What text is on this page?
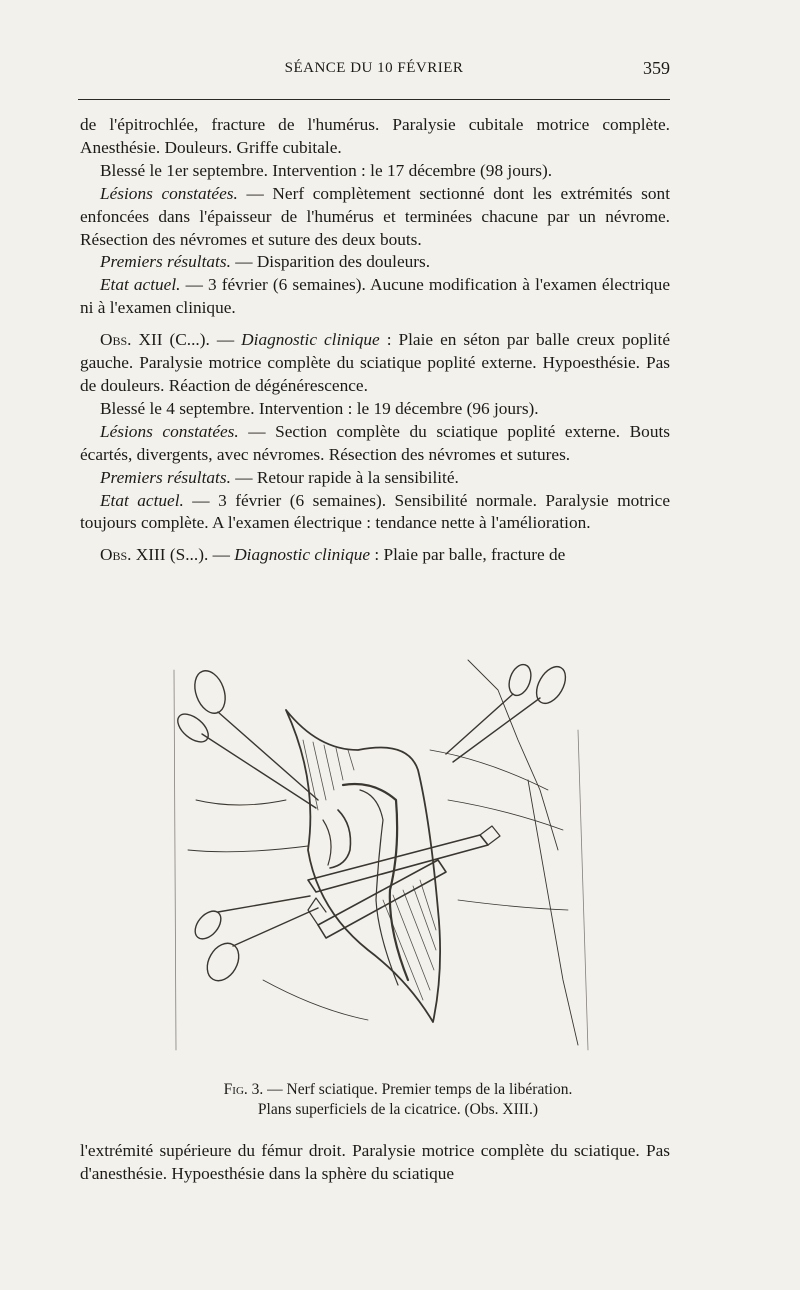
SÉANCE DU 10 FÉVRIER	359

de l'épitrochlée, fracture de l'humérus. Paralysie cubitale motrice complète. Anesthésie. Douleurs. Griffe cubitale.

Blessé le 1er septembre. Intervention : le 17 décembre (98 jours).

Lésions constatées. — Nerf complètement sectionné dont les extrémités sont enfoncées dans l'épaisseur de l'humérus et terminées chacune par un névrome. Résection des névromes et suture des deux bouts.

Premiers résultats. — Disparition des douleurs.

Etat actuel. — 3 février (6 semaines). Aucune modification à l'examen électrique ni à l'examen clinique.

Obs. XII (C...). — Diagnostic clinique : Plaie en séton par balle creux poplité gauche. Paralysie motrice complète du sciatique poplité externe. Hypoesthésie. Pas de douleurs. Réaction de dégénérescence.

Blessé le 4 septembre. Intervention : le 19 décembre (96 jours).

Lésions constatées. — Section complète du sciatique poplité externe. Bouts écartés, divergents, avec névromes. Résection des névromes et sutures.

Premiers résultats. — Retour rapide à la sensibilité.

Etat actuel. — 3 février (6 semaines). Sensibilité normale. Paralysie motrice toujours complète. A l'examen électrique : tendance nette à l'amélioration.

Obs. XIII (S...). — Diagnostic clinique : Plaie par balle, fracture de

Fig. 3. — Nerf sciatique. Premier temps de la libération.
Plans superficiels de la cicatrice. (Obs. XIII.)
l'extrémité supérieure du fémur droit. Paralysie motrice complète du sciatique. Pas d'anesthésie. Hypoesthésie dans la sphère du sciatique
